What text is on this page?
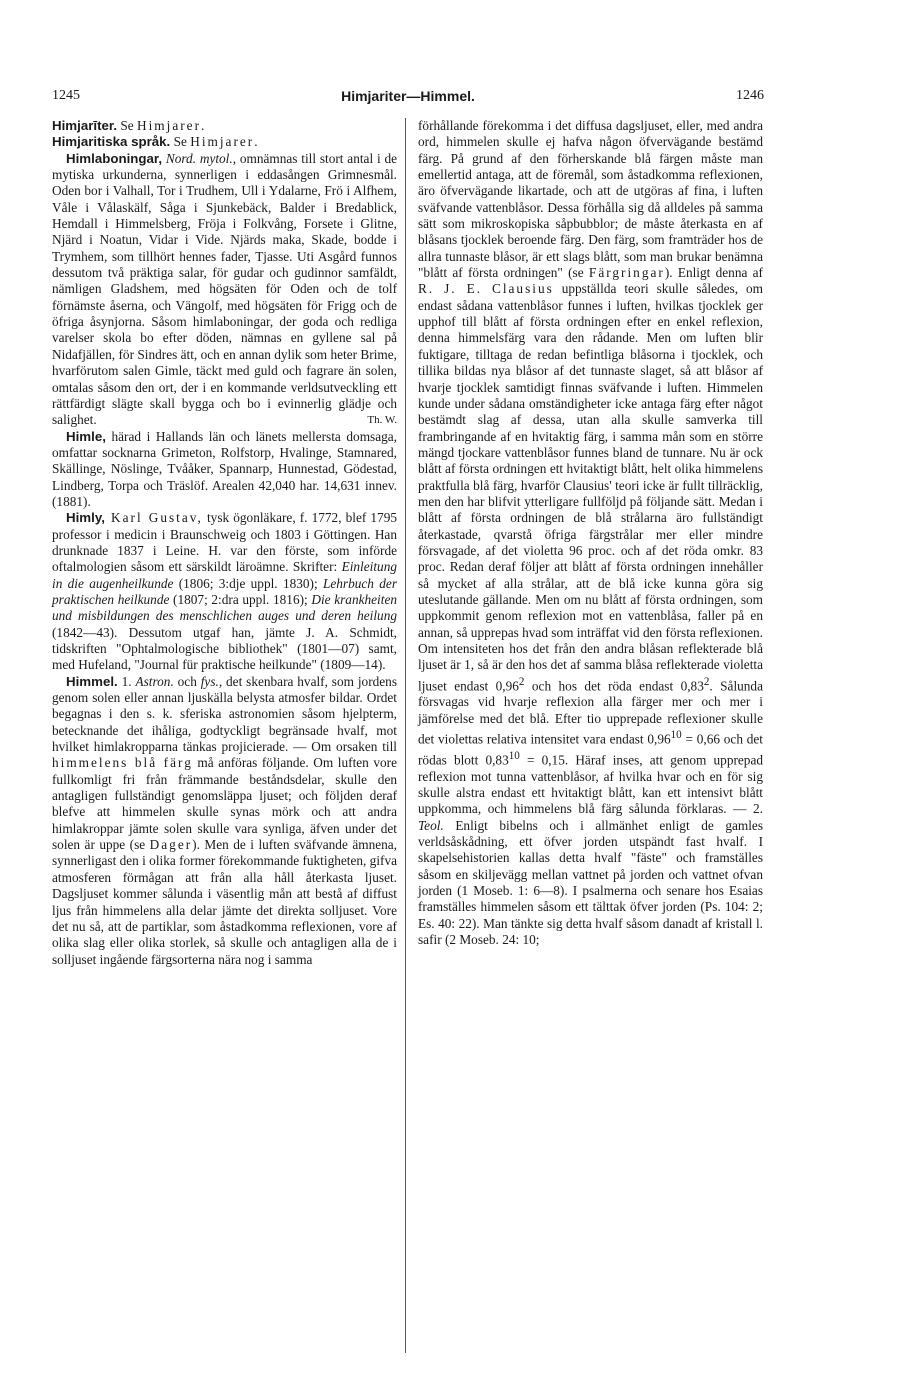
1245	Himjariter—Himmel.	1246

Himjarīter. Se Himjarer.

Himjaritiska språk. Se Himjarer.

Himlaboningar, Nord. mytol., omnämnas till stort antal i de mytiska urkunderna, synnerligen i eddasången Grimnesmål. Oden bor i Valhall, Tor i Trudhem, Ull i Ydalarne, Frö i Alfhem, Våle i Vålaskälf, Såga i Sjunkebäck, Balder i Bredablick, Hemdall i Himmelsberg, Fröja i Folkvång, Forsete i Glitne, Njärd i Noatun, Vidar i Vide. Njärds maka, Skade, bodde i Trymhem, som tillhört hennes fader, Tjasse. Uti Asgård funnos dessutom två präktiga salar, för gudar och gudinnor samfäldt, nämligen Gladshem, med högsäten för Oden och de tolf förnämste åserna, och Vängolf, med högsäten för Frigg och de öfriga åsynjorna. Såsom himlaboningar, der goda och redliga varelser skola bo efter döden, nämnas en gyllene sal på Nidafjällen, för Sindres ätt, och en annan dylik som heter Brime, hvarförutom salen Gimle, täckt med guld och fagrare än solen, omtalas såsom den ort, der i en kommande verldsutveckling ett rättfärdigt slägte skall bygga och bo i evinnerlig glädje och salighet.	Th. W.

Himle, härad i Hallands län och länets mellersta domsaga, omfattar socknarna Grimeton, Rolfstorp, Hvalinge, Stamnared, Skällinge, Nöslinge, Tvååker, Spannarp, Hunnestad, Gödestad, Lindberg, Torpa och Träslöf. Arealen 42,040 har. 14,631 innev. (1881).

Himly, Karl Gustav, tysk ögonläkare, f. 1772, blef 1795 professor i medicin i Braunschweig och 1803 i Göttingen. Han drunknade 1837 i Leine. H. var den förste, som införde oftalmologien såsom ett särskildt läroämne. Skrifter: Einleitung in die augenheilkunde (1806; 3:dje uppl. 1830); Lehrbuch der praktischen heilkunde (1807; 2:dra uppl. 1816); Die krankheiten und misbildungen des menschlichen auges und deren heilung (1842—43). Dessutom utgaf han, jämte J. A. Schmidt, tidskriften "Ophtalmologische bibliothek" (1801—07) samt, med Hufeland, "Journal für praktische heilkunde" (1809—14).

Himmel. 1. Astron. och fys., det skenbara hvalf, som jordens genom solen eller annan ljuskälla belysta atmosfer bildar. Ordet begagnas i den s. k. sferiska astronomien såsom hjelpterm, betecknande det ihåliga, godtyckligt begränsade hvalf, mot hvilket himlakropparna tänkas projicierade. — Om orsaken till himmelens blå färg må anföras följande. Om luften vore fullkomligt fri från främmande beståndsdelar, skulle den antagligen fullständigt genomsläppa ljuset; och följden deraf blefve att himmelen skulle synas mörk och att andra himlakroppar jämte solen skulle vara synliga, äfven under det solen är uppe (se Dager). Men de i luften sväfvande ämnena, synnerligast den i olika former förekommande fuktigheten, gifva atmosferen förmågan att från alla håll återkasta ljuset. Dagsljuset kommer sålunda i väsentlig mån att bestå af diffust ljus från himmelens alla delar jämte det direkta solljuset. Vore det nu så, att de partiklar, som åstadkomma reflexionen, vore af olika slag eller olika storlek, så skulle och antagligen alla de i solljuset ingående färgsorterna nära nog i samma

förhållande förekomma i det diffusa dagsljuset, eller, med andra ord, himmelen skulle ej hafva någon öfvervägande bestämd färg. På grund af den förherskande blå färgen måste man emellertid antaga, att de föremål, som åstadkomma reflexionen, äro öfvervägande likartade, och att de utgöras af fina, i luften sväfvande vattenblåsor. Dessa förhålla sig då alldeles på samma sätt som mikroskopiska såpbubblor; de måste återkasta en af blåsans tjocklek beroende färg. Den färg, som framträder hos de allra tunnaste blåsor, är ett slags blått, som man brukar benämna "blått af första ordningen" (se Färgringar). Enligt denna af R. J. E. Clausius uppställda teori skulle således, om endast sådana vattenblåsor funnes i luften, hvilkas tjocklek ger upphof till blått af första ordningen efter en enkel reflexion, denna himmelsfärg vara den rådande. Men om luften blir fuktigare, tilltaga de redan befintliga blåsorna i tjocklek, och tillika bildas nya blåsor af det tunnaste slaget, så att blåsor af hvarje tjocklek samtidigt finnas sväfvande i luften. Himmelen kunde under sådana omständigheter icke antaga färg efter något bestämdt slag af dessa, utan alla skulle samverka till frambringande af en hvitaktig färg, i samma mån som en större mängd tjockare vattenblåsor funnes bland de tunnare. Nu är ock blått af första ordningen ett hvitaktigt blått, helt olika himmelens praktfulla blå färg, hvarför Clausius' teori icke är fullt tillräcklig, men den har blifvit ytterligare fullföljd på följande sätt. Medan i blått af första ordningen de blå strålarna äro fullständigt återkastade, qvarstå öfriga färgstrålar mer eller mindre försvagade, af det violetta 96 proc. och af det röda omkr. 83 proc. Redan deraf följer att blått af första ordningen innehåller så mycket af alla strålar, att de blå icke kunna göra sig uteslutande gällande. Men om nu blått af första ordningen, som uppkommit genom reflexion mot en vattenblåsa, faller på en annan, så upprepas hvad som inträffat vid den första reflexionen. Om intensiteten hos det från den andra blåsan reflekterade blå ljuset är 1, så är den hos det af samma blåsa reflekterade violetta ljuset endast 0,96$^2$ och hos det röda endast 0,83$^2$. Sålunda försvagas vid hvarje reflexion alla färger mer och mer i jämförelse med det blå. Efter tio upprepade reflexioner skulle det violettas relativa intensitet vara endast $0,96^{10} = 0,66$ och det rödas blott $0,83^{10} = 0,15$. Häraf inses, att genom upprepad reflexion mot tunna vattenblåsor, af hvilka hvar och en för sig skulle alstra endast ett hvitaktigt blått, kan ett intensivt blått uppkomma, och himmelens blå färg sålunda förklaras. — 2. Teol. Enligt bibelns och i allmänhet enligt de gamles verldsåskådning, ett öfver jorden utspändt fast hvalf. I skapelsehistorien kallas detta hvalf "fäste" och framställes såsom en skiljevägg mellan vattnet på jorden och vattnet ofvan jorden (1 Moseb. 1: 6—8). I psalmerna och senare hos Esaias framställes himmelen såsom ett tälttak öfver jorden (Ps. 104: 2; Es. 40: 22). Man tänkte sig detta hvalf såsom danadt af kristall l. safir (2 Moseb. 24: 10;
